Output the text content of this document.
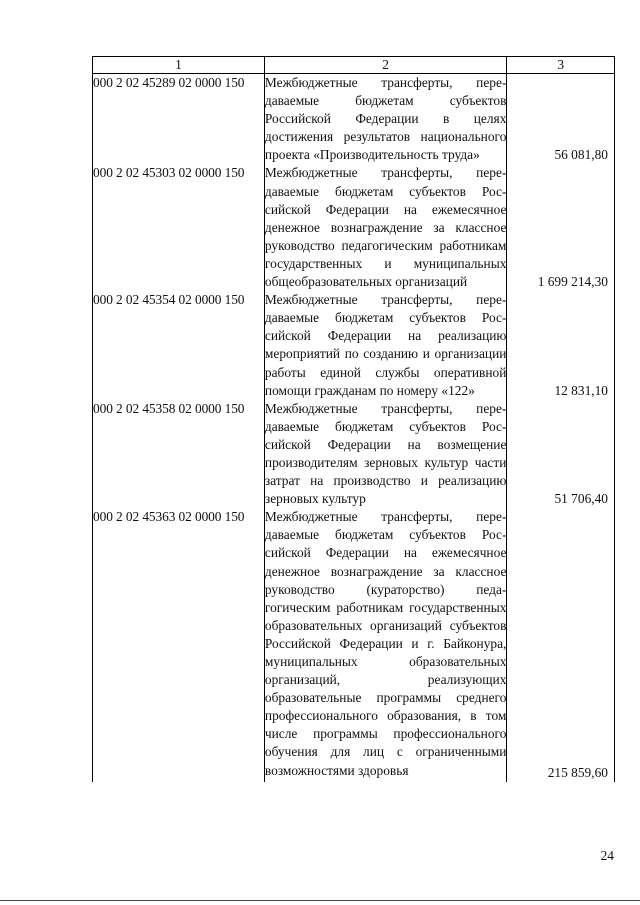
1	2	3
000 2 02 45289 02 0000 150	Межбюджетные трансферты, передаваемые бюджетам субъектов Российской Федерации в целях достижения результатов национального проекта «Производительность труда»	56 081,80

000 2 02 45303 02 0000 150	Межбюджетные трансферты, передаваемые бюджетам субъектов Российской Федерации на ежемесячное денежное вознаграждение за классное руководство педагогическим работникам государственных и муниципальных общеобразовательных организаций	1 699 214,30

000 2 02 45354 02 0000 150	Межбюджетные трансферты, передаваемые бюджетам субъектов Российской Федерации на реализацию мероприятий по созданию и организации работы единой службы оперативной помощи гражданам по номеру «122»	12 831,10

000 2 02 45358 02 0000 150	Межбюджетные трансферты, передаваемые бюджетам субъектов Российской Федерации на возмещение производителям зерновых культур части затрат на производство и реализацию зерновых культур	51 706,40

000 2 02 45363 02 0000 150	Межбюджетные трансферты, передаваемые бюджетам субъектов Российской Федерации на ежемесячное денежное вознаграждение за классное руководство (кураторство) педагогическим работникам государственных образовательных организаций субъектов Российской Федерации и г. Байконура, муниципальных образовательных организаций, реализующих образовательные программы среднего профессионального образования, в том числе программы профессионального обучения для лиц с ограниченными возможностями здоровья	215 859,60
24
